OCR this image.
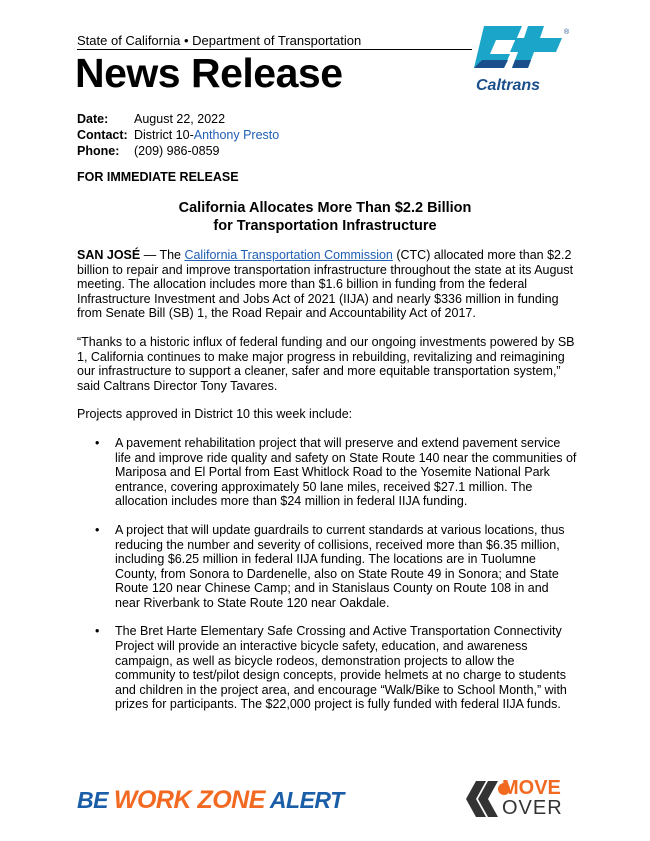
State of California • Department of Transportation
News Release	Caltrans
®
Date:	August 22, 2022
Contact: District 10-Anthony Presto
Phone:	(209) 986-0859
FOR IMMEDIATE RELEASE
California Allocates More Than $2.2 Billion
for Transportation Infrastructure

SAN JOSÉ — The California Transportation Commission (CTC) allocated more than $2.2 billion to repair and improve transportation infrastructure throughout the state at its August meeting. The allocation includes more than $1.6 billion in funding from the federal Infrastructure Investment and Jobs Act of 2021 (IIJA) and nearly $336 million in funding from Senate Bill (SB) 1, the Road Repair and Accountability Act of 2017.

“Thanks to a historic influx of federal funding and our ongoing investments powered by SB 1, California continues to make major progress in rebuilding, revitalizing and reimagining our infrastructure to support a cleaner, safer and more equitable transportation system,” said Caltrans Director Tony Tavares.

Projects approved in District 10 this week include:

• A pavement rehabilitation project that will preserve and extend pavement service life and improve ride quality and safety on State Route 140 near the communities of Mariposa and El Portal from East Whitlock Road to the Yosemite National Park entrance, covering approximately 50 lane miles, received $27.1 million. The allocation includes more than $24 million in federal IIJA funding.
• A project that will update guardrails to current standards at various locations, thus reducing the number and severity of collisions, received more than $6.35 million, including $6.25 million in federal IIJA funding. The locations are in Tuolumne County, from Sonora to Dardenelle, also on State Route 49 in Sonora; and State Route 120 near Chinese Camp; and in Stanislaus County on Route 108 in and near Riverbank to State Route 120 near Oakdale.
• The Bret Harte Elementary Safe Crossing and Active Transportation Connectivity Project will provide an interactive bicycle safety, education, and awareness campaign, as well as bicycle rodeos, demonstration projects to allow the community to test/pilot design concepts, provide helmets at no charge to students and children in the project area, and encourage “Walk/Bike to School Month,” with prizes for participants. The $22,000 project is fully funded with federal IIJA funds.
BE WORK ZONE ALERT	MOVE
OVER
